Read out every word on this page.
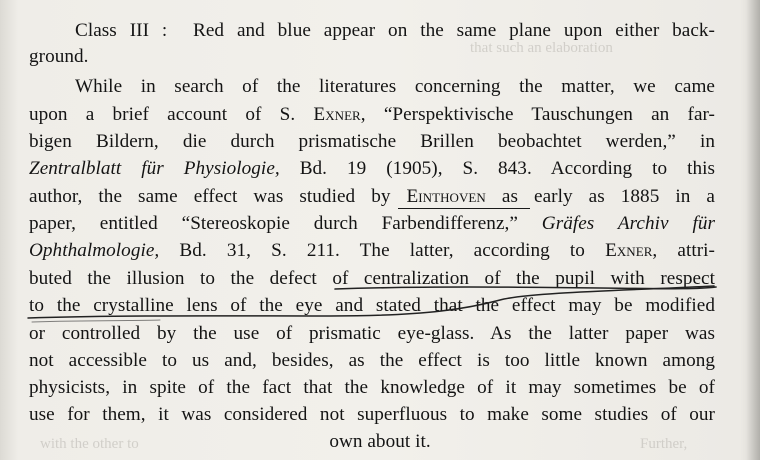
that such an elaboration
with the other to	Further,
Class III : Red and blue appear on the same plane upon either back-
ground.
While in search of the literatures concerning the matter, we came
upon a brief account of S. Exner, “Perspektivische Tauschungen an far-
bigen Bildern, die durch prismatische Brillen beobachtet werden,” in
Zentralblatt für Physiologie, Bd. 19 (1905), S. 843. According to this
author, the same effect was studied by Einthoven as early as 1885 in a
paper, entitled “Stereoskopie durch Farbendifferenz,” Gräfes Archiv für
Ophthalmologie, Bd. 31, S. 211. The latter, according to Exner, attri-
buted the illusion to the defect of centralization of the pupil with respect
to the crystalline lens of the eye and stated that the effect may be modified
or controlled by the use of prismatic eye-glass. As the latter paper was
not accessible to us and, besides, as the effect is too little known among
physicists, in spite of the fact that the knowledge of it may sometimes be of
use for them, it was considered not superfluous to make some studies of our
own about it.
